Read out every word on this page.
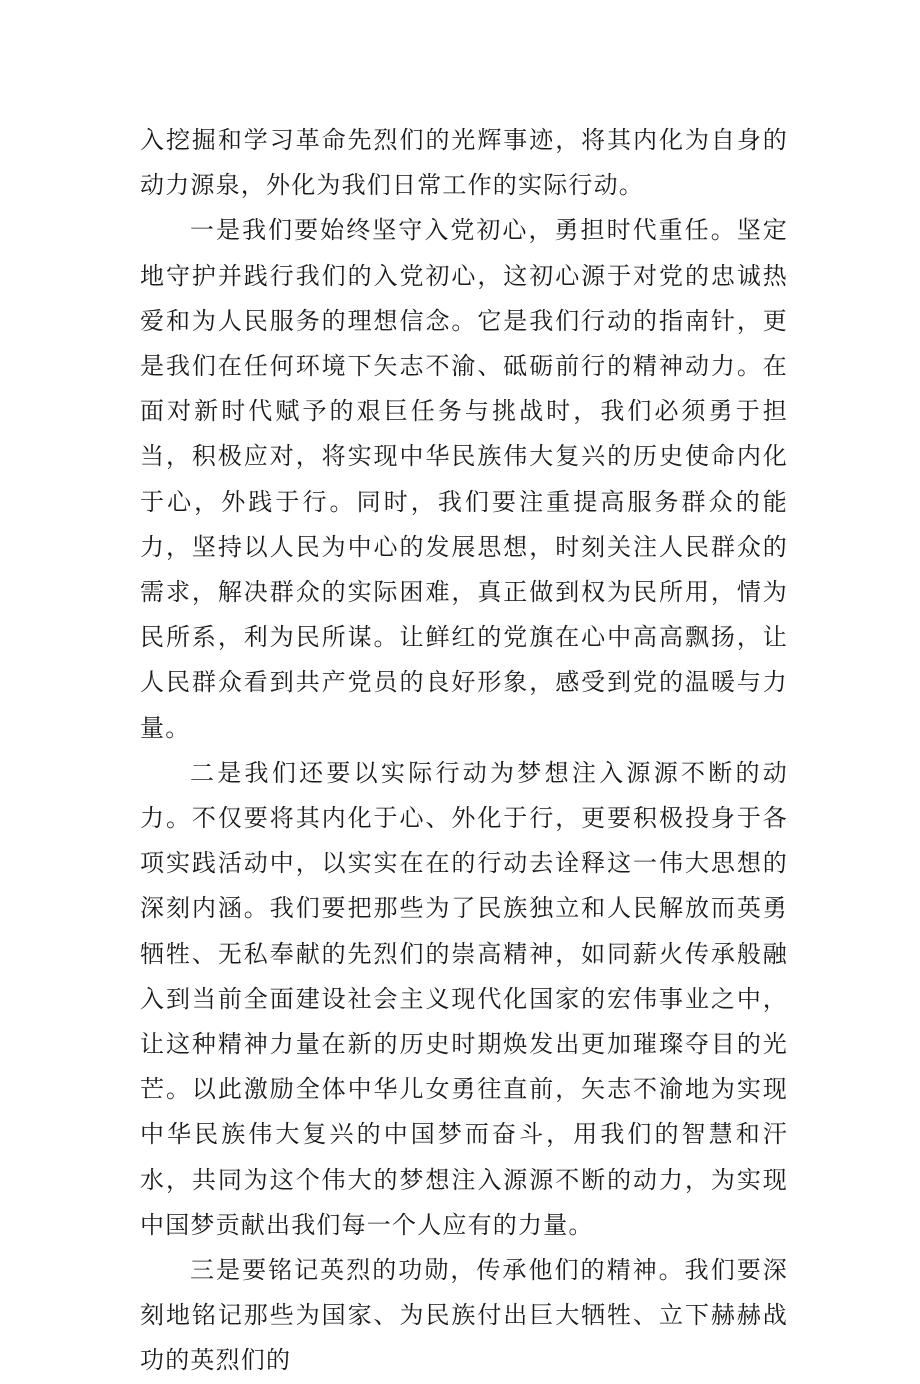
入挖掘和学习革命先烈们的光辉事迹，将其内化为自身的动力源泉，外化为我们日常工作的实际行动。

一是我们要始终坚守入党初心，勇担时代重任。坚定地守护并践行我们的入党初心，这初心源于对党的忠诚热爱和为人民服务的理想信念。它是我们行动的指南针，更是我们在任何环境下矢志不渝、砥砺前行的精神动力。在面对新时代赋予的艰巨任务与挑战时，我们必须勇于担当，积极应对，将实现中华民族伟大复兴的历史使命内化于心，外践于行。同时，我们要注重提高服务群众的能力，坚持以人民为中心的发展思想，时刻关注人民群众的需求，解决群众的实际困难，真正做到权为民所用，情为民所系，利为民所谋。让鲜红的党旗在心中高高飘扬，让人民群众看到共产党员的良好形象，感受到党的温暖与力量。

二是我们还要以实际行动为梦想注入源源不断的动力。不仅要将其内化于心、外化于行，更要积极投身于各项实践活动中，以实实在在的行动去诠释这一伟大思想的深刻内涵。我们要把那些为了民族独立和人民解放而英勇牺牲、无私奉献的先烈们的崇高精神，如同薪火传承般融入到当前全面建设社会主义现代化国家的宏伟事业之中，让这种精神力量在新的历史时期焕发出更加璀璨夺目的光芒。以此激励全体中华儿女勇往直前，矢志不渝地为实现中华民族伟大复兴的中国梦而奋斗，用我们的智慧和汗水，共同为这个伟大的梦想注入源源不断的动力，为实现中国梦贡献出我们每一个人应有的力量。

三是要铭记英烈的功勋，传承他们的精神。我们要深刻地铭记那些为国家、为民族付出巨大牺牲、立下赫赫战功的英烈们的
